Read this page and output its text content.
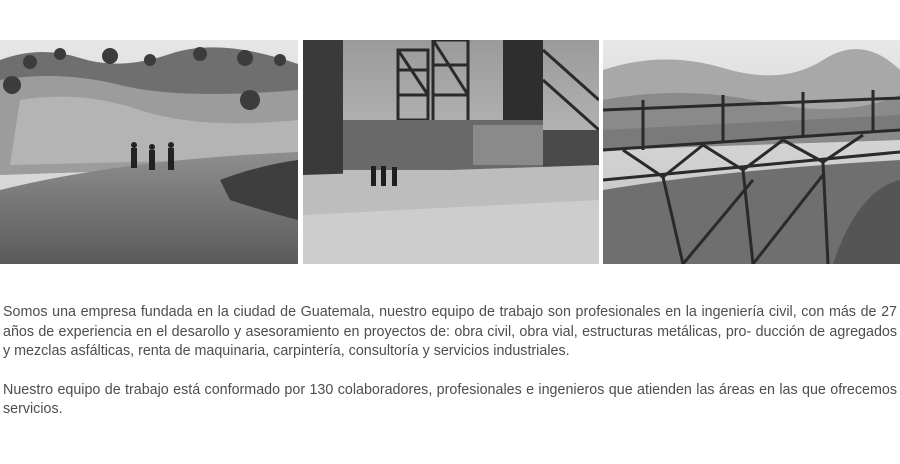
Somos una empresa fundada en la ciudad de Guatemala, nuestro equipo de trabajo son profesionales en la ingeniería civil, con más de 27 años de experiencia en el desarollo y asesoramiento en proyectos de: obra civil, obra vial, estructuras metálicas, pro- ducción de agregados y mezclas asfálticas, renta de maquinaria, carpintería, consultoría y servicios industriales.

Nuestro equipo de trabajo está conformado por 130 colaboradores, profesionales e ingenieros que atienden las áreas en las que ofrecemos servicios.
